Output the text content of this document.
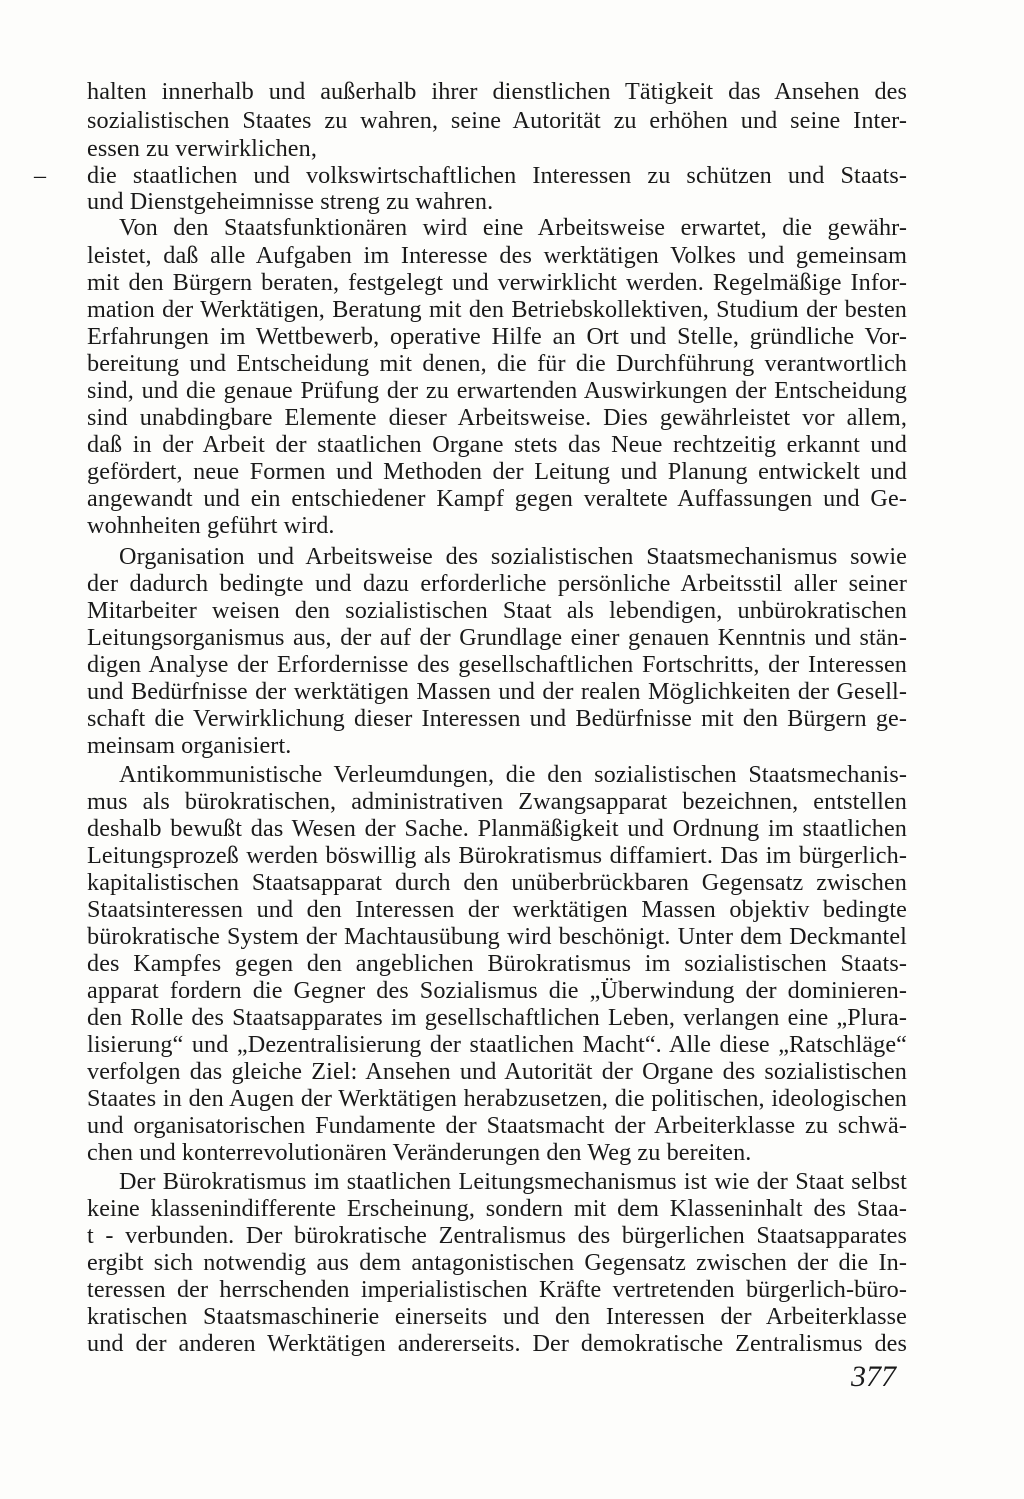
–
halten innerhalb und außerhalb ihrer dienstlichen Tätigkeit das Ansehen des
sozialistischen Staates zu wahren, seine Autorität zu erhöhen und seine Inter-
essen zu verwirklichen,
die staatlichen und volkswirtschaftlichen Interessen zu schützen und Staats-
und Dienstgeheimnisse streng zu wahren.
Von den Staatsfunktionären wird eine Arbeitsweise erwartet, die gewähr-
leistet, daß alle Aufgaben im Interesse des werktätigen Volkes und gemeinsam
mit den Bürgern beraten, festgelegt und verwirklicht werden. Regelmäßige Infor-
mation der Werktätigen, Beratung mit den Betriebskollektiven, Studium der besten
Erfahrungen im Wettbewerb, operative Hilfe an Ort und Stelle, gründliche Vor-
bereitung und Entscheidung mit denen, die für die Durchführung verantwortlich
sind, und die genaue Prüfung der zu erwartenden Auswirkungen der Entscheidung
sind unabdingbare Elemente dieser Arbeitsweise. Dies gewährleistet vor allem,
daß in der Arbeit der staatlichen Organe stets das Neue rechtzeitig erkannt und
gefördert, neue Formen und Methoden der Leitung und Planung entwickelt und
angewandt und ein entschiedener Kampf gegen veraltete Auffassungen und Ge-
wohnheiten geführt wird.
Organisation und Arbeitsweise des sozialistischen Staatsmechanismus sowie
der dadurch bedingte und dazu erforderliche persönliche Arbeitsstil aller seiner
Mitarbeiter weisen den sozialistischen Staat als lebendigen, unbürokratischen
Leitungsorganismus aus, der auf der Grundlage einer genauen Kenntnis und stän-
digen Analyse der Erfordernisse des gesellschaftlichen Fortschritts, der Interessen
und Bedürfnisse der werktätigen Massen und der realen Möglichkeiten der Gesell-
schaft die Verwirklichung dieser Interessen und Bedürfnisse mit den Bürgern ge-
meinsam organisiert.
Antikommunistische Verleumdungen, die den sozialistischen Staatsmechanis-
mus als bürokratischen, administrativen Zwangsapparat bezeichnen, entstellen
deshalb bewußt das Wesen der Sache. Planmäßigkeit und Ordnung im staatlichen
Leitungsprozeß werden böswillig als Bürokratismus diffamiert. Das im bürgerlich-
kapitalistischen Staatsapparat durch den unüberbrückbaren Gegensatz zwischen
Staatsinteressen und den Interessen der werktätigen Massen objektiv bedingte
bürokratische System der Machtausübung wird beschönigt. Unter dem Deckmantel
des Kampfes gegen den angeblichen Bürokratismus im sozialistischen Staats-
apparat fordern die Gegner des Sozialismus die „Überwindung der dominieren-
den Rolle des Staatsapparates im gesellschaftlichen Leben, verlangen eine „Plura-
lisierung“ und „Dezentralisierung der staatlichen Macht“. Alle diese „Ratschläge“
verfolgen das gleiche Ziel: Ansehen und Autorität der Organe des sozialistischen
Staates in den Augen der Werktätigen herabzusetzen, die politischen, ideologischen
und organisatorischen Fundamente der Staatsmacht der Arbeiterklasse zu schwä-
chen und konterrevolutionären Veränderungen den Weg zu bereiten.
Der Bürokratismus im staatlichen Leitungsmechanismus ist wie der Staat selbst
keine klassenindifferente Erscheinung, sondern mit dem Klasseninhalt des Staa-
t - verbunden. Der bürokratische Zentralismus des bürgerlichen Staatsapparates
ergibt sich notwendig aus dem antagonistischen Gegensatz zwischen der die In-
teressen der herrschenden imperialistischen Kräfte vertretenden bürgerlich-büro-
kratischen Staatsmaschinerie einerseits und den Interessen der Arbeiterklasse
und der anderen Werktätigen andererseits. Der demokratische Zentralismus des
377
